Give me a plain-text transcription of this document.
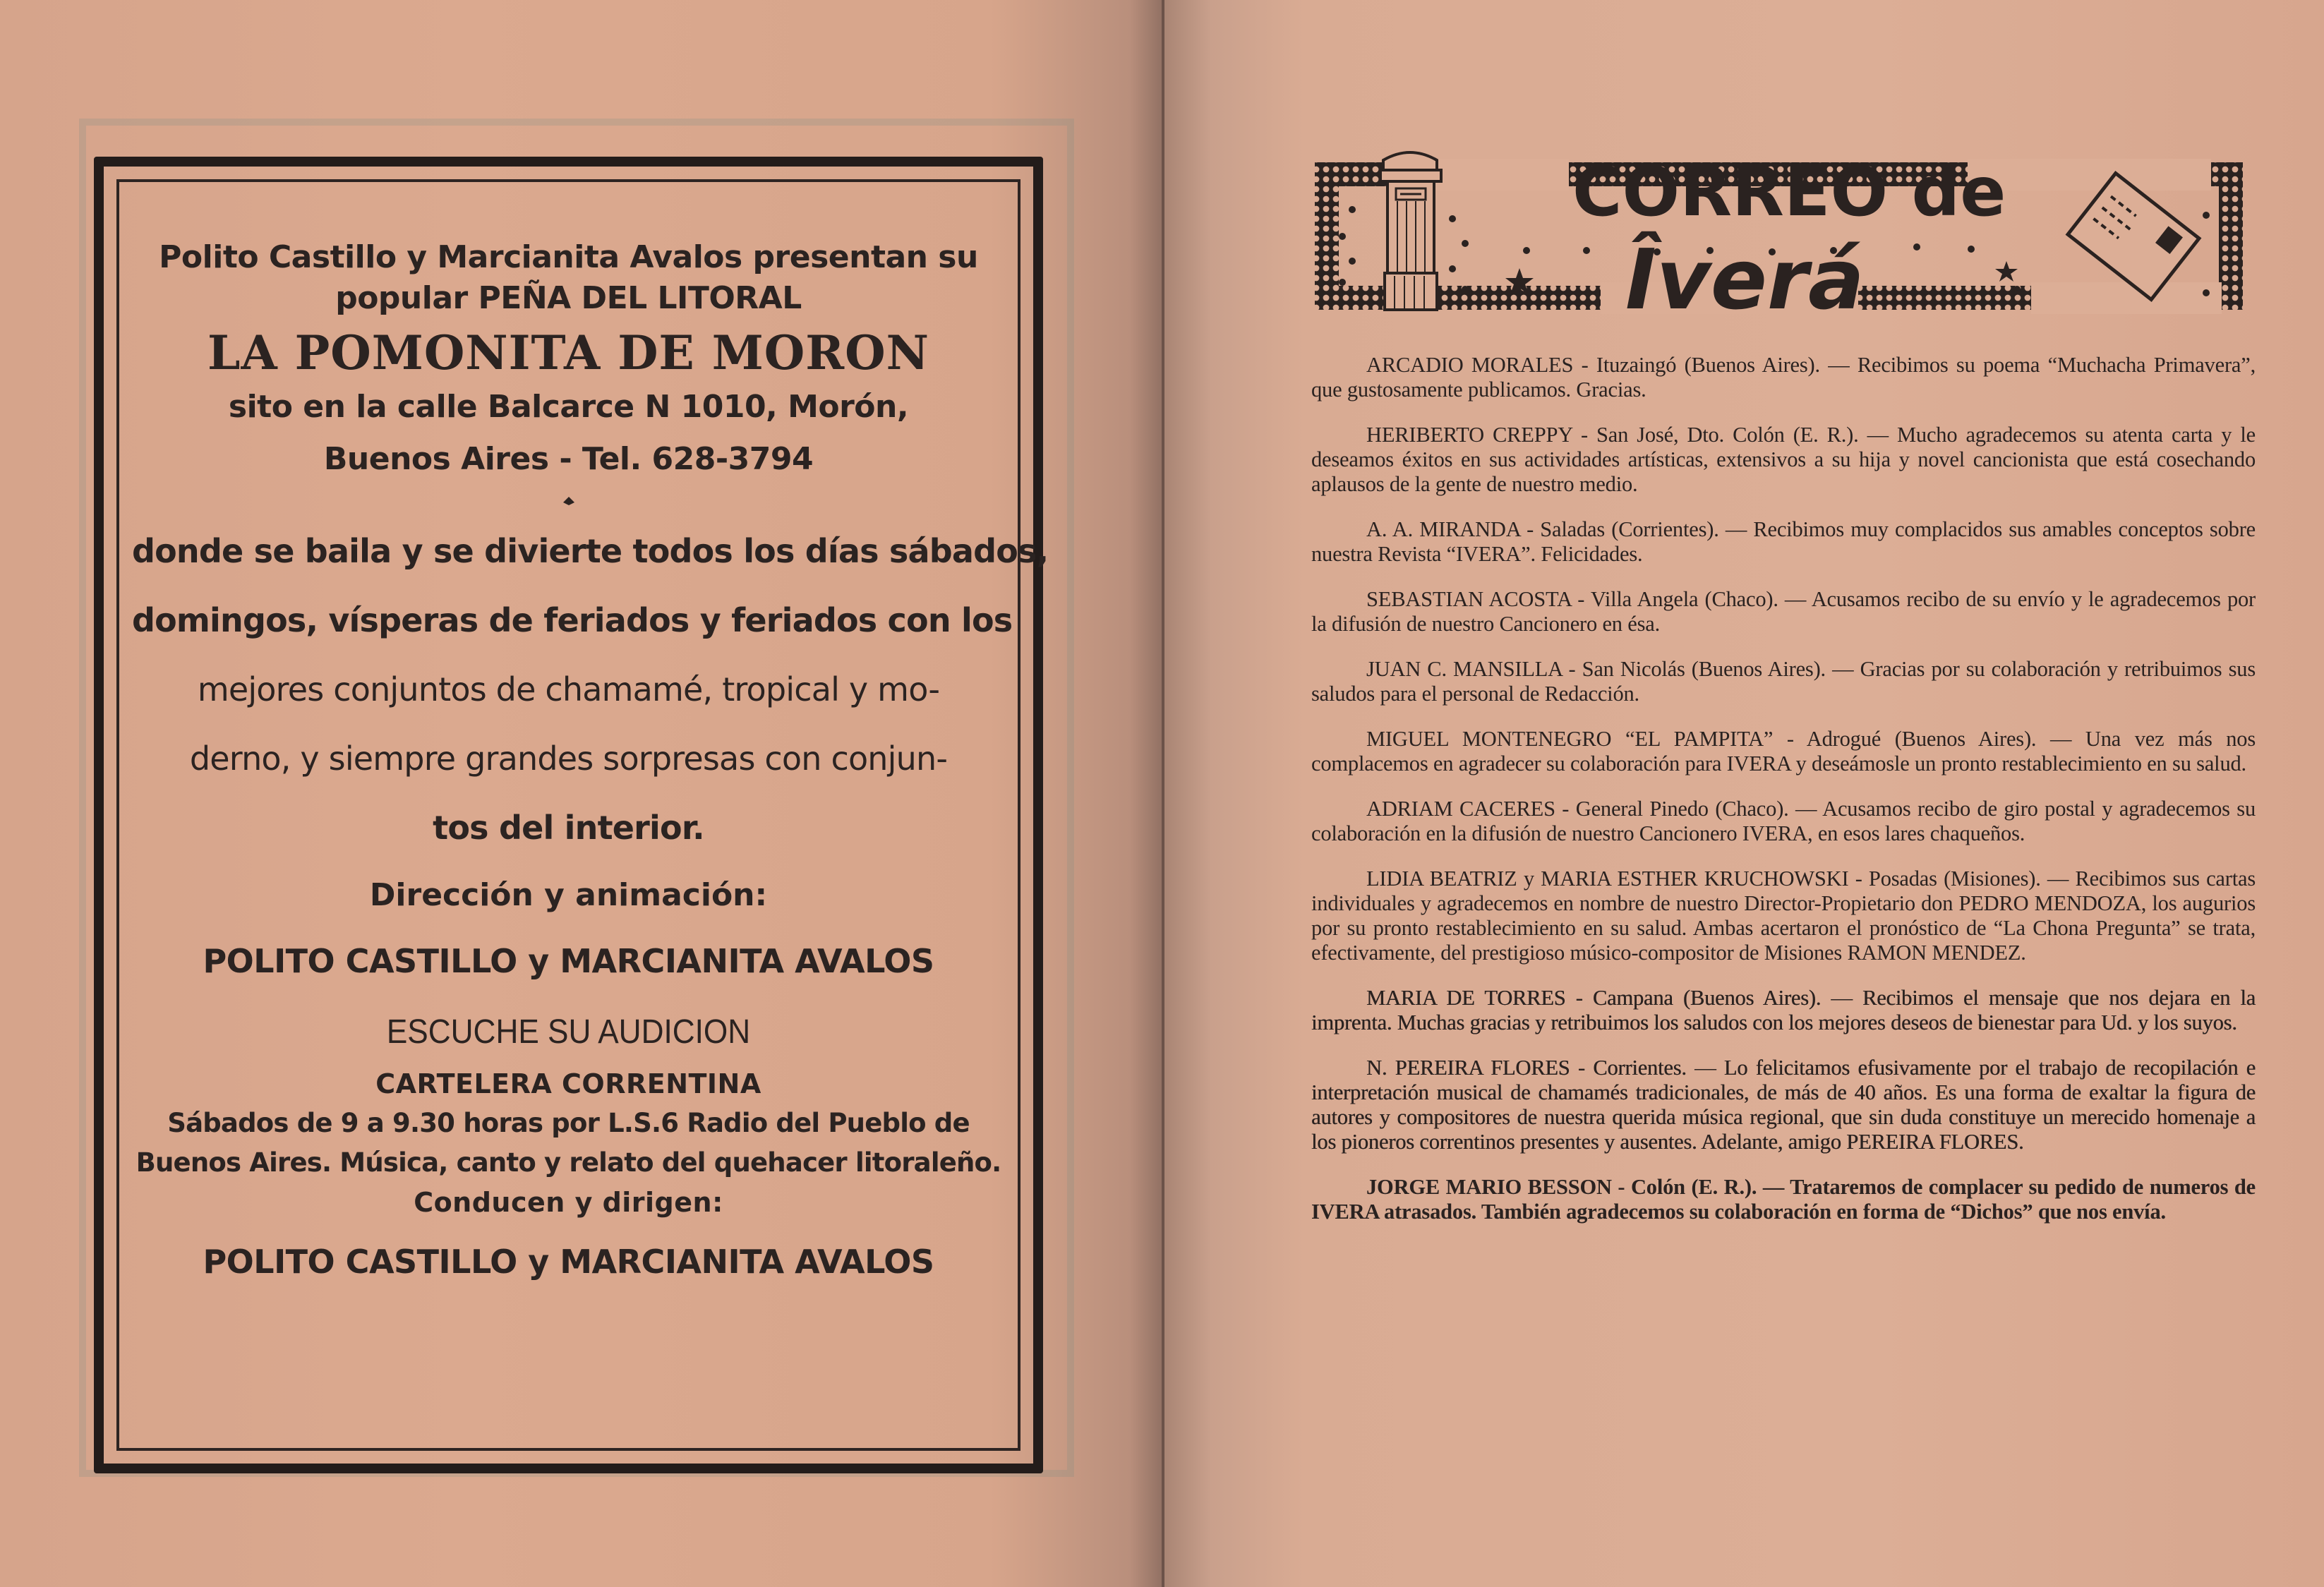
Polito Castillo y Marcianita Avalos presentan su
popular PEÑA DEL LITORAL
LA POMONITA DE MORON
sito en la calle Balcarce N 1010, Morón,
Buenos Aires - Tel. 628-3794
donde se baila y se divierte todos los días sábados,
domingos, vísperas de feriados y feriados con los
mejores conjuntos de chamamé, tropical y mo-
derno, y siempre grandes sorpresas con conjun-
tos del interior.
Dirección y animación:
POLITO CASTILLO y MARCIANITA AVALOS
ESCUCHE SU AUDICION
CARTELERA CORRENTINA
Sábados de 9 a 9.30 horas por L.S.6 Radio del Pueblo de
Buenos Aires. Música, canto y relato del quehacer litoraleño.
Conducen y dirigen:
POLITO CASTILLO y MARCIANITA AVALOS
CORREO de
Îverá

ARCADIO MORALES - Ituzaingó (Buenos Aires). — Recibimos su poema “Muchacha Primavera”, que gustosamente publicamos. Gracias.

HERIBERTO CREPPY - San José, Dto. Colón (E. R.). — Mucho agradecemos su atenta carta y le deseamos éxitos en sus actividades artísticas, extensivos a su hija y novel cancionista que está cosechando aplausos de la gente de nuestro medio.

A. A. MIRANDA - Saladas (Corrientes). — Recibimos muy complacidos sus amables conceptos sobre nuestra Revista “IVERA”. Felicidades.

SEBASTIAN ACOSTA - Villa Angela (Chaco). — Acusamos recibo de su envío y le agradecemos por la difusión de nuestro Cancionero en ésa.

JUAN C. MANSILLA - San Nicolás (Buenos Aires). — Gracias por su colaboración y retribuimos sus saludos para el personal de Redacción.

MIGUEL MONTENEGRO “EL PAMPITA” - Adrogué (Buenos Aires). — Una vez más nos complacemos en agradecer su colaboración para IVERA y deseámosle un pronto restablecimiento en su salud.

ADRIAM CACERES - General Pinedo (Chaco). — Acusamos recibo de giro postal y agradecemos su colaboración en la difusión de nuestro Cancionero IVERA, en esos lares chaqueños.

LIDIA BEATRIZ y MARIA ESTHER KRUCHOWSKI - Posadas (Misiones). — Recibimos sus cartas individuales y agradecemos en nombre de nuestro Director-Propietario don PEDRO MENDOZA, los augurios por su pronto restablecimiento en su salud. Ambas acertaron el pronóstico de “La Chona Pregunta” se trata, efectivamente, del prestigioso músico-compositor de Misiones RAMON MENDEZ.

MARIA DE TORRES - Campana (Buenos Aires). — Recibimos el mensaje que nos dejara en la imprenta. Muchas gracias y retribuimos los saludos con los mejores deseos de bienestar para Ud. y los suyos.

N. PEREIRA FLORES - Corrientes. — Lo felicitamos efusivamente por el trabajo de recopilación e interpretación musical de chamamés tradicionales, de más de 40 años. Es una forma de exaltar la figura de autores y compositores de nuestra querida música regional, que sin duda constituye un merecido homenaje a los pioneros correntinos presentes y ausentes. Adelante, amigo PEREIRA FLORES.

JORGE MARIO BESSON - Colón (E. R.). — Trataremos de complacer su pedido de numeros de IVERA atrasados. También agradecemos su colaboración en forma de “Dichos” que nos envía.
